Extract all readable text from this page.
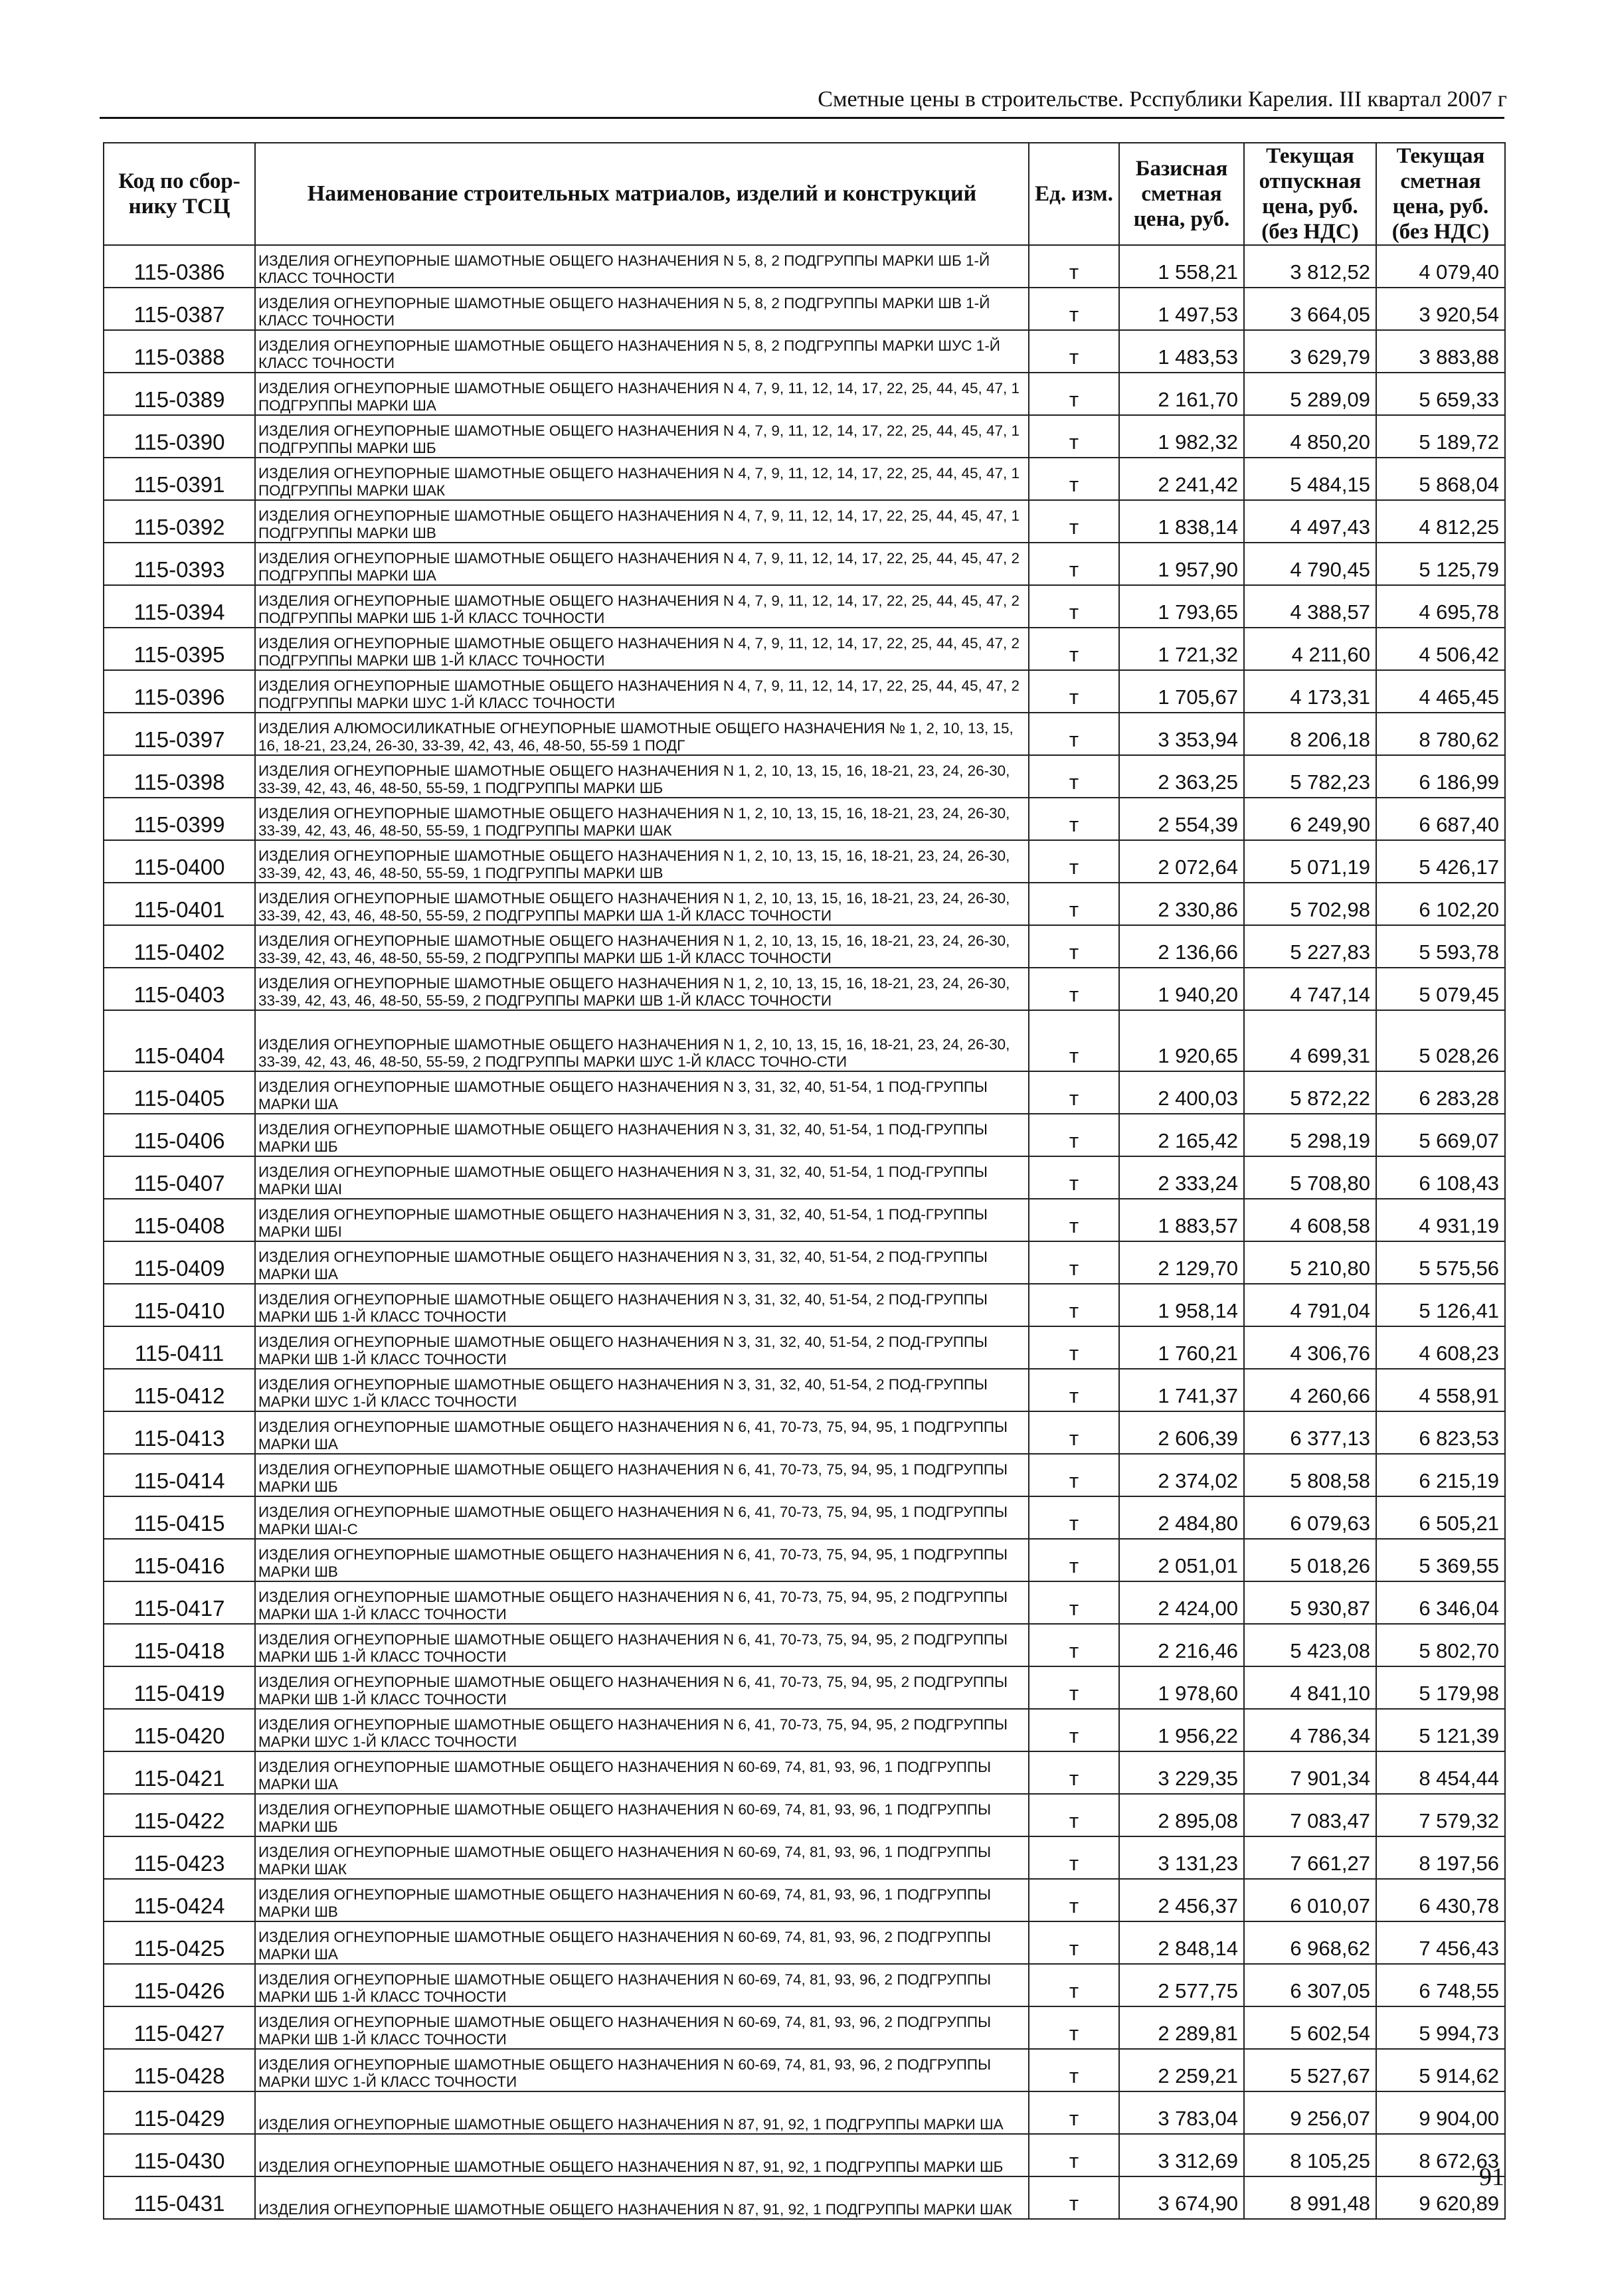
Сметные цены в строительстве. Рсспублики Карелия. III квартал 2007 г
Код по сбор-нику ТСЦ	Наименование строительных матриалов, изделий и конструкций	Ед. изм.	Базисная сметная цена, руб.	Текущая отпускная цена, руб. (без НДС)	Текущая сметная цена, руб. (без НДС)
115-0386	ИЗДЕЛИЯ ОГНЕУПОРНЫЕ ШАМОТНЫЕ ОБЩЕГО НАЗНАЧЕНИЯ N 5, 8, 2 ПОДГРУППЫ МАРКИ ШБ 1-Й КЛАСС ТОЧНОСТИ	т	1 558,21	3 812,52	4 079,40
115-0387	ИЗДЕЛИЯ ОГНЕУПОРНЫЕ ШАМОТНЫЕ ОБЩЕГО НАЗНАЧЕНИЯ N 5, 8, 2 ПОДГРУППЫ МАРКИ ШВ 1-Й КЛАСС ТОЧНОСТИ	т	1 497,53	3 664,05	3 920,54
115-0388	ИЗДЕЛИЯ ОГНЕУПОРНЫЕ ШАМОТНЫЕ ОБЩЕГО НАЗНАЧЕНИЯ N 5, 8, 2 ПОДГРУППЫ МАРКИ ШУС 1-Й КЛАСС ТОЧНОСТИ	т	1 483,53	3 629,79	3 883,88
115-0389	ИЗДЕЛИЯ ОГНЕУПОРНЫЕ ШАМОТНЫЕ ОБЩЕГО НАЗНАЧЕНИЯ N 4, 7, 9, 11, 12, 14, 17, 22, 25, 44, 45, 47, 1 ПОДГРУППЫ МАРКИ ША	т	2 161,70	5 289,09	5 659,33
115-0390	ИЗДЕЛИЯ ОГНЕУПОРНЫЕ ШАМОТНЫЕ ОБЩЕГО НАЗНАЧЕНИЯ N 4, 7, 9, 11, 12, 14, 17, 22, 25, 44, 45, 47, 1 ПОДГРУППЫ МАРКИ ШБ	т	1 982,32	4 850,20	5 189,72
115-0391	ИЗДЕЛИЯ ОГНЕУПОРНЫЕ ШАМОТНЫЕ ОБЩЕГО НАЗНАЧЕНИЯ N 4, 7, 9, 11, 12, 14, 17, 22, 25, 44, 45, 47, 1 ПОДГРУППЫ МАРКИ ШАК	т	2 241,42	5 484,15	5 868,04
115-0392	ИЗДЕЛИЯ ОГНЕУПОРНЫЕ ШАМОТНЫЕ ОБЩЕГО НАЗНАЧЕНИЯ N 4, 7, 9, 11, 12, 14, 17, 22, 25, 44, 45, 47, 1 ПОДГРУППЫ МАРКИ ШВ	т	1 838,14	4 497,43	4 812,25
115-0393	ИЗДЕЛИЯ ОГНЕУПОРНЫЕ ШАМОТНЫЕ ОБЩЕГО НАЗНАЧЕНИЯ N 4, 7, 9, 11, 12, 14, 17, 22, 25, 44, 45, 47, 2 ПОДГРУППЫ МАРКИ ША	т	1 957,90	4 790,45	5 125,79
115-0394	ИЗДЕЛИЯ ОГНЕУПОРНЫЕ ШАМОТНЫЕ ОБЩЕГО НАЗНАЧЕНИЯ N 4, 7, 9, 11, 12, 14, 17, 22, 25, 44, 45, 47, 2 ПОДГРУППЫ МАРКИ ШБ 1-Й КЛАСС ТОЧНОСТИ	т	1 793,65	4 388,57	4 695,78
115-0395	ИЗДЕЛИЯ ОГНЕУПОРНЫЕ ШАМОТНЫЕ ОБЩЕГО НАЗНАЧЕНИЯ N 4, 7, 9, 11, 12, 14, 17, 22, 25, 44, 45, 47, 2 ПОДГРУППЫ МАРКИ ШВ 1-Й КЛАСС ТОЧНОСТИ	т	1 721,32	4 211,60	4 506,42
115-0396	ИЗДЕЛИЯ ОГНЕУПОРНЫЕ ШАМОТНЫЕ ОБЩЕГО НАЗНАЧЕНИЯ N 4, 7, 9, 11, 12, 14, 17, 22, 25, 44, 45, 47, 2 ПОДГРУППЫ МАРКИ ШУС 1-Й КЛАСС ТОЧНОСТИ	т	1 705,67	4 173,31	4 465,45
115-0397	ИЗДЕЛИЯ АЛЮМОСИЛИКАТНЫЕ ОГНЕУПОРНЫЕ ШАМОТНЫЕ ОБЩЕГО НАЗНАЧЕНИЯ № 1, 2, 10, 13, 15, 16, 18-21, 23,24, 26-30, 33-39, 42, 43, 46, 48-50, 55-59 1 ПОДГ	т	3 353,94	8 206,18	8 780,62
115-0398	ИЗДЕЛИЯ ОГНЕУПОРНЫЕ ШАМОТНЫЕ ОБЩЕГО НАЗНАЧЕНИЯ N 1, 2, 10, 13, 15, 16, 18-21, 23, 24, 26-30, 33-39, 42, 43, 46, 48-50, 55-59, 1 ПОДГРУППЫ МАРКИ ШБ	т	2 363,25	5 782,23	6 186,99
115-0399	ИЗДЕЛИЯ ОГНЕУПОРНЫЕ ШАМОТНЫЕ ОБЩЕГО НАЗНАЧЕНИЯ N 1, 2, 10, 13, 15, 16, 18-21, 23, 24, 26-30, 33-39, 42, 43, 46, 48-50, 55-59, 1 ПОДГРУППЫ МАРКИ ШАК	т	2 554,39	6 249,90	6 687,40
115-0400	ИЗДЕЛИЯ ОГНЕУПОРНЫЕ ШАМОТНЫЕ ОБЩЕГО НАЗНАЧЕНИЯ N 1, 2, 10, 13, 15, 16, 18-21, 23, 24, 26-30, 33-39, 42, 43, 46, 48-50, 55-59, 1 ПОДГРУППЫ МАРКИ ШВ	т	2 072,64	5 071,19	5 426,17
115-0401	ИЗДЕЛИЯ ОГНЕУПОРНЫЕ ШАМОТНЫЕ ОБЩЕГО НАЗНАЧЕНИЯ N 1, 2, 10, 13, 15, 16, 18-21, 23, 24, 26-30, 33-39, 42, 43, 46, 48-50, 55-59, 2 ПОДГРУППЫ МАРКИ ША 1-Й КЛАСС ТОЧНОСТИ	т	2 330,86	5 702,98	6 102,20
115-0402	ИЗДЕЛИЯ ОГНЕУПОРНЫЕ ШАМОТНЫЕ ОБЩЕГО НАЗНАЧЕНИЯ N 1, 2, 10, 13, 15, 16, 18-21, 23, 24, 26-30, 33-39, 42, 43, 46, 48-50, 55-59, 2 ПОДГРУППЫ МАРКИ ШБ 1-Й КЛАСС ТОЧНОСТИ	т	2 136,66	5 227,83	5 593,78
115-0403	ИЗДЕЛИЯ ОГНЕУПОРНЫЕ ШАМОТНЫЕ ОБЩЕГО НАЗНАЧЕНИЯ N 1, 2, 10, 13, 15, 16, 18-21, 23, 24, 26-30, 33-39, 42, 43, 46, 48-50, 55-59, 2 ПОДГРУППЫ МАРКИ ШВ 1-Й КЛАСС ТОЧНОСТИ	т	1 940,20	4 747,14	5 079,45
115-0404	ИЗДЕЛИЯ ОГНЕУПОРНЫЕ ШАМОТНЫЕ ОБЩЕГО НАЗНАЧЕНИЯ N 1, 2, 10, 13, 15, 16, 18-21, 23, 24, 26-30, 33-39, 42, 43, 46, 48-50, 55-59, 2 ПОДГРУППЫ МАРКИ ШУС 1-Й КЛАСС ТОЧНО-СТИ	т	1 920,65	4 699,31	5 028,26
115-0405	ИЗДЕЛИЯ ОГНЕУПОРНЫЕ ШАМОТНЫЕ ОБЩЕГО НАЗНАЧЕНИЯ N 3, 31, 32, 40, 51-54, 1 ПОД-ГРУППЫ МАРКИ ША	т	2 400,03	5 872,22	6 283,28
115-0406	ИЗДЕЛИЯ ОГНЕУПОРНЫЕ ШАМОТНЫЕ ОБЩЕГО НАЗНАЧЕНИЯ N 3, 31, 32, 40, 51-54, 1 ПОД-ГРУППЫ МАРКИ ШБ	т	2 165,42	5 298,19	5 669,07
115-0407	ИЗДЕЛИЯ ОГНЕУПОРНЫЕ ШАМОТНЫЕ ОБЩЕГО НАЗНАЧЕНИЯ N 3, 31, 32, 40, 51-54, 1 ПОД-ГРУППЫ МАРКИ ШАI	т	2 333,24	5 708,80	6 108,43
115-0408	ИЗДЕЛИЯ ОГНЕУПОРНЫЕ ШАМОТНЫЕ ОБЩЕГО НАЗНАЧЕНИЯ N 3, 31, 32, 40, 51-54, 1 ПОД-ГРУППЫ МАРКИ ШБI	т	1 883,57	4 608,58	4 931,19
115-0409	ИЗДЕЛИЯ ОГНЕУПОРНЫЕ ШАМОТНЫЕ ОБЩЕГО НАЗНАЧЕНИЯ N 3, 31, 32, 40, 51-54, 2 ПОД-ГРУППЫ МАРКИ ША	т	2 129,70	5 210,80	5 575,56
115-0410	ИЗДЕЛИЯ ОГНЕУПОРНЫЕ ШАМОТНЫЕ ОБЩЕГО НАЗНАЧЕНИЯ N 3, 31, 32, 40, 51-54, 2 ПОД-ГРУППЫ МАРКИ ШБ 1-Й КЛАСС ТОЧНОСТИ	т	1 958,14	4 791,04	5 126,41
115-0411	ИЗДЕЛИЯ ОГНЕУПОРНЫЕ ШАМОТНЫЕ ОБЩЕГО НАЗНАЧЕНИЯ N 3, 31, 32, 40, 51-54, 2 ПОД-ГРУППЫ МАРКИ ШВ 1-Й КЛАСС ТОЧНОСТИ	т	1 760,21	4 306,76	4 608,23
115-0412	ИЗДЕЛИЯ ОГНЕУПОРНЫЕ ШАМОТНЫЕ ОБЩЕГО НАЗНАЧЕНИЯ N 3, 31, 32, 40, 51-54, 2 ПОД-ГРУППЫ МАРКИ ШУС 1-Й КЛАСС ТОЧНОСТИ	т	1 741,37	4 260,66	4 558,91
115-0413	ИЗДЕЛИЯ ОГНЕУПОРНЫЕ ШАМОТНЫЕ ОБЩЕГО НАЗНАЧЕНИЯ N 6, 41, 70-73, 75, 94, 95, 1 ПОДГРУППЫ МАРКИ ША	т	2 606,39	6 377,13	6 823,53
115-0414	ИЗДЕЛИЯ ОГНЕУПОРНЫЕ ШАМОТНЫЕ ОБЩЕГО НАЗНАЧЕНИЯ N 6, 41, 70-73, 75, 94, 95, 1 ПОДГРУППЫ МАРКИ ШБ	т	2 374,02	5 808,58	6 215,19
115-0415	ИЗДЕЛИЯ ОГНЕУПОРНЫЕ ШАМОТНЫЕ ОБЩЕГО НАЗНАЧЕНИЯ N 6, 41, 70-73, 75, 94, 95, 1 ПОДГРУППЫ МАРКИ ШАI-С	т	2 484,80	6 079,63	6 505,21
115-0416	ИЗДЕЛИЯ ОГНЕУПОРНЫЕ ШАМОТНЫЕ ОБЩЕГО НАЗНАЧЕНИЯ N 6, 41, 70-73, 75, 94, 95, 1 ПОДГРУППЫ МАРКИ ШВ	т	2 051,01	5 018,26	5 369,55
115-0417	ИЗДЕЛИЯ ОГНЕУПОРНЫЕ ШАМОТНЫЕ ОБЩЕГО НАЗНАЧЕНИЯ N 6, 41, 70-73, 75, 94, 95, 2 ПОДГРУППЫ МАРКИ ША 1-Й КЛАСС ТОЧНОСТИ	т	2 424,00	5 930,87	6 346,04
115-0418	ИЗДЕЛИЯ ОГНЕУПОРНЫЕ ШАМОТНЫЕ ОБЩЕГО НАЗНАЧЕНИЯ N 6, 41, 70-73, 75, 94, 95, 2 ПОДГРУППЫ МАРКИ ШБ 1-Й КЛАСС ТОЧНОСТИ	т	2 216,46	5 423,08	5 802,70
115-0419	ИЗДЕЛИЯ ОГНЕУПОРНЫЕ ШАМОТНЫЕ ОБЩЕГО НАЗНАЧЕНИЯ N 6, 41, 70-73, 75, 94, 95, 2 ПОДГРУППЫ МАРКИ ШВ 1-Й КЛАСС ТОЧНОСТИ	т	1 978,60	4 841,10	5 179,98
115-0420	ИЗДЕЛИЯ ОГНЕУПОРНЫЕ ШАМОТНЫЕ ОБЩЕГО НАЗНАЧЕНИЯ N 6, 41, 70-73, 75, 94, 95, 2 ПОДГРУППЫ МАРКИ ШУС 1-Й КЛАСС ТОЧНОСТИ	т	1 956,22	4 786,34	5 121,39
115-0421	ИЗДЕЛИЯ ОГНЕУПОРНЫЕ ШАМОТНЫЕ ОБЩЕГО НАЗНАЧЕНИЯ N 60-69, 74, 81, 93, 96, 1 ПОДГРУППЫ МАРКИ ША	т	3 229,35	7 901,34	8 454,44
115-0422	ИЗДЕЛИЯ ОГНЕУПОРНЫЕ ШАМОТНЫЕ ОБЩЕГО НАЗНАЧЕНИЯ N 60-69, 74, 81, 93, 96, 1 ПОДГРУППЫ МАРКИ ШБ	т	2 895,08	7 083,47	7 579,32
115-0423	ИЗДЕЛИЯ ОГНЕУПОРНЫЕ ШАМОТНЫЕ ОБЩЕГО НАЗНАЧЕНИЯ N 60-69, 74, 81, 93, 96, 1 ПОДГРУППЫ МАРКИ ШАК	т	3 131,23	7 661,27	8 197,56
115-0424	ИЗДЕЛИЯ ОГНЕУПОРНЫЕ ШАМОТНЫЕ ОБЩЕГО НАЗНАЧЕНИЯ N 60-69, 74, 81, 93, 96, 1 ПОДГРУППЫ МАРКИ ШВ	т	2 456,37	6 010,07	6 430,78
115-0425	ИЗДЕЛИЯ ОГНЕУПОРНЫЕ ШАМОТНЫЕ ОБЩЕГО НАЗНАЧЕНИЯ N 60-69, 74, 81, 93, 96, 2 ПОДГРУППЫ МАРКИ ША	т	2 848,14	6 968,62	7 456,43
115-0426	ИЗДЕЛИЯ ОГНЕУПОРНЫЕ ШАМОТНЫЕ ОБЩЕГО НАЗНАЧЕНИЯ N 60-69, 74, 81, 93, 96, 2 ПОДГРУППЫ МАРКИ ШБ 1-Й КЛАСС ТОЧНОСТИ	т	2 577,75	6 307,05	6 748,55
115-0427	ИЗДЕЛИЯ ОГНЕУПОРНЫЕ ШАМОТНЫЕ ОБЩЕГО НАЗНАЧЕНИЯ N 60-69, 74, 81, 93, 96, 2 ПОДГРУППЫ МАРКИ ШВ 1-Й КЛАСС ТОЧНОСТИ	т	2 289,81	5 602,54	5 994,73
115-0428	ИЗДЕЛИЯ ОГНЕУПОРНЫЕ ШАМОТНЫЕ ОБЩЕГО НАЗНАЧЕНИЯ N 60-69, 74, 81, 93, 96, 2 ПОДГРУППЫ МАРКИ ШУС 1-Й КЛАСС ТОЧНОСТИ	т	2 259,21	5 527,67	5 914,62
115-0429	ИЗДЕЛИЯ ОГНЕУПОРНЫЕ ШАМОТНЫЕ ОБЩЕГО НАЗНАЧЕНИЯ N 87, 91, 92, 1 ПОДГРУППЫ МАРКИ ША	т	3 783,04	9 256,07	9 904,00
115-0430	ИЗДЕЛИЯ ОГНЕУПОРНЫЕ ШАМОТНЫЕ ОБЩЕГО НАЗНАЧЕНИЯ N 87, 91, 92, 1 ПОДГРУППЫ МАРКИ ШБ	т	3 312,69	8 105,25	8 672,63
115-0431	ИЗДЕЛИЯ ОГНЕУПОРНЫЕ ШАМОТНЫЕ ОБЩЕГО НАЗНАЧЕНИЯ N 87, 91, 92, 1 ПОДГРУППЫ МАРКИ ШАК	т	3 674,90	8 991,48	9 620,89
91
